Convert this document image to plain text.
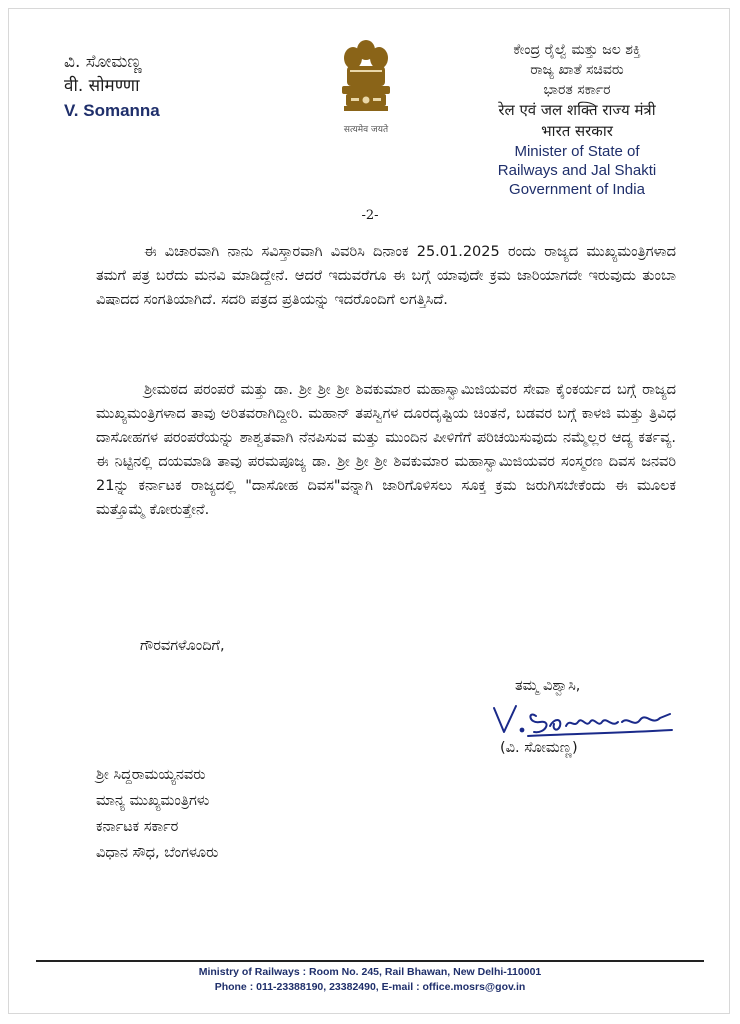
ವಿ. ಸೋಮಣ್ಣ
वी. सोमण्णा
V. Somanna
सत्यमेव जयते
ಕೇಂದ್ರ ರೈಲ್ವೆ ಮತ್ತು ಜಲ ಶಕ್ತಿ
ರಾಜ್ಯ ಖಾತೆ ಸಚಿವರು
ಭಾರತ ಸರ್ಕಾರ
रेल एवं जल शक्ति राज्य मंत्री
भारत सरकार
Minister of State of
Railways and Jal Shakti
Government of India
-2-
ಈ ವಿಚಾರವಾಗಿ ನಾನು ಸವಿಸ್ತಾರವಾಗಿ ವಿವರಿಸಿ ದಿನಾಂಕ 25.01.2025 ರಂದು ರಾಜ್ಯದ ಮುಖ್ಯಮಂತ್ರಿಗಳಾದ ತಮಗೆ ಪತ್ರ ಬರೆದು ಮನವಿ ಮಾಡಿದ್ದೇನೆ. ಆದರೆ ಇದುವರೆಗೂ ಈ ಬಗ್ಗೆ ಯಾವುದೇ ಕ್ರಮ ಜಾರಿಯಾಗದೇ ಇರುವುದು ತುಂಬಾ ವಿಷಾದದ ಸಂಗತಿಯಾಗಿದೆ. ಸದರಿ ಪತ್ರದ ಪ್ರತಿಯನ್ನು ಇದರೊಂದಿಗೆ ಲಗತ್ತಿಸಿದೆ.
ಶ್ರೀಮಠದ ಪರಂಪರೆ ಮತ್ತು ಡಾ. ಶ್ರೀ ಶ್ರೀ ಶ್ರೀ ಶಿವಕುಮಾರ ಮಹಾಸ್ವಾಮಿಜಿಯವರ ಸೇವಾ ಕೈಂಕರ್ಯದ ಬಗ್ಗೆ ರಾಜ್ಯದ ಮುಖ್ಯಮಂತ್ರಿಗಳಾದ ತಾವು ಅರಿತವರಾಗಿದ್ದೀರಿ. ಮಹಾನ್ ತಪಸ್ವಿಗಳ ದೂರದೃಷ್ಟಿಯ ಚಿಂತನೆ, ಬಡವರ ಬಗ್ಗೆ ಕಾಳಜಿ ಮತ್ತು ತ್ರಿವಿಧ ದಾಸೋಹಗಳ ಪರಂಪರೆಯನ್ನು ಶಾಶ್ವತವಾಗಿ ನೆನಪಿಸುವ ಮತ್ತು ಮುಂದಿನ ಪೀಳಿಗೆಗೆ ಪರಿಚಯಿಸುವುದು ನಮ್ಮೆಲ್ಲರ ಆದ್ಯ ಕರ್ತವ್ಯ. ಈ ನಿಟ್ಟಿನಲ್ಲಿ ದಯಮಾಡಿ ತಾವು ಪರಮಪೂಜ್ಯ ಡಾ. ಶ್ರೀ ಶ್ರೀ ಶ್ರೀ ಶಿವಕುಮಾರ ಮಹಾಸ್ವಾಮಿಜಿಯವರ ಸಂಸ್ಮರಣ ದಿವಸ ಜನವರಿ 21ನ್ನು ಕರ್ನಾಟಕ ರಾಜ್ಯದಲ್ಲಿ "ದಾಸೋಹ ದಿವಸ"ವನ್ನಾಗಿ ಜಾರಿಗೊಳಿಸಲು ಸೂಕ್ತ ಕ್ರಮ ಜರುಗಿಸಬೇಕೆಂದು ಈ ಮೂಲಕ ಮತ್ತೊಮ್ಮೆ ಕೋರುತ್ತೇನೆ.
ಗೌರವಗಳೊಂದಿಗೆ,
ತಮ್ಮ ವಿಶ್ವಾಸಿ,
(ವಿ. ಸೋಮಣ್ಣ)
ಶ್ರೀ ಸಿದ್ದರಾಮಯ್ಯನವರು
ಮಾನ್ಯ ಮುಖ್ಯಮಂತ್ರಿಗಳು
ಕರ್ನಾಟಕ ಸರ್ಕಾರ
ವಿಧಾನ ಸೌಧ, ಬೆಂಗಳೂರು
Ministry of Railways : Room No. 245, Rail Bhawan, New Delhi-110001
Phone : 011-23388190, 23382490, E-mail : office.mosrs@gov.in
